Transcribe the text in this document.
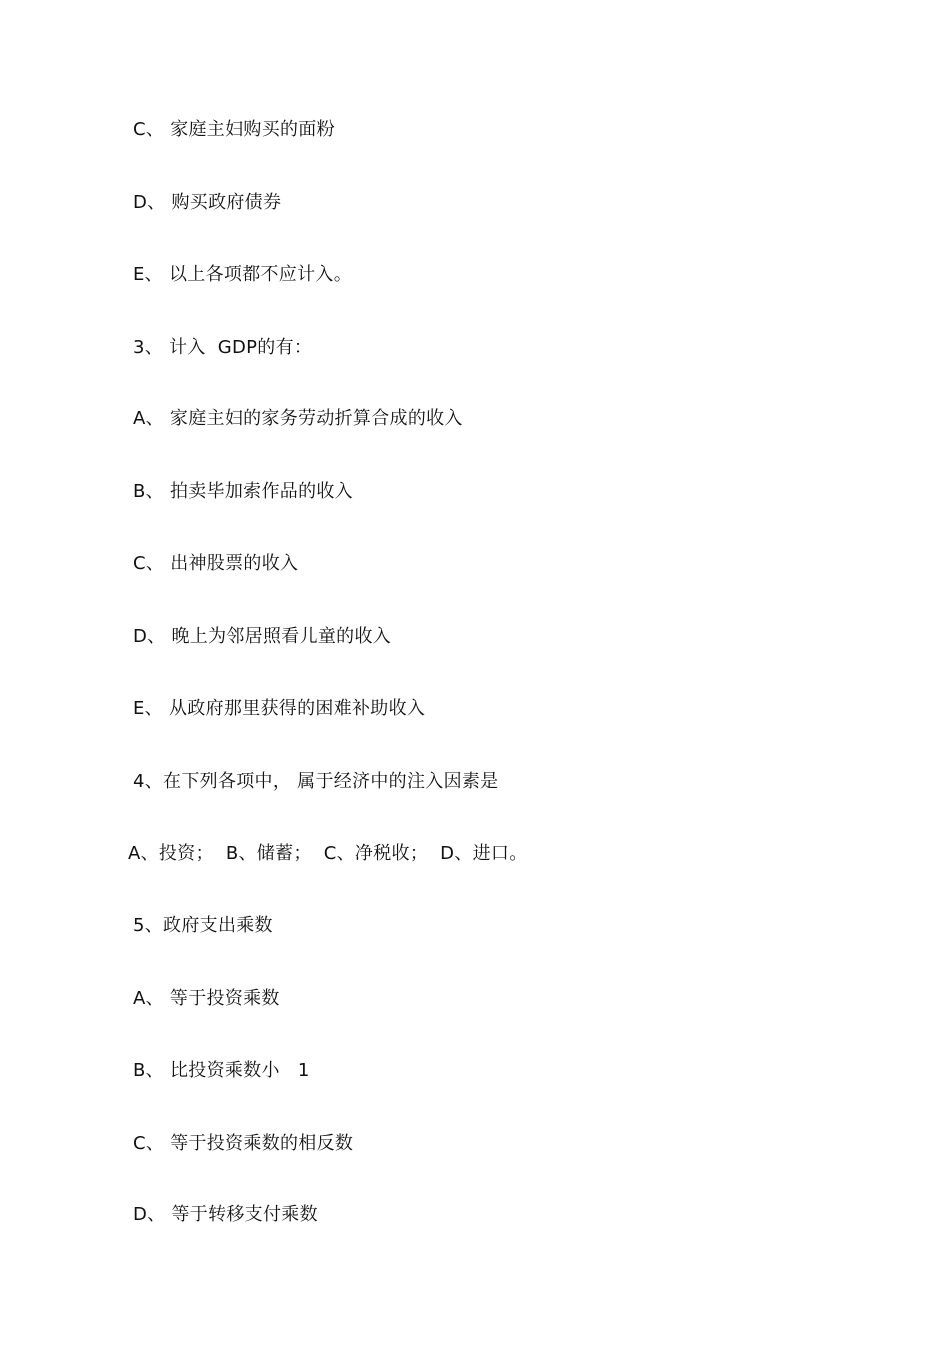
C、 家庭主妇购买的面粉
D、 购买政府债券
E、 以上各项都不应计入。
3、 计入  GDP的有：
A、 家庭主妇的家务劳动折算合成的收入
B、 拍卖毕加索作品的收入
C、 出神股票的收入
D、 晚上为邻居照看儿童的收入
E、 从政府那里获得的困难补助收入
4、在下列各项中， 属于经济中的注入因素是
A、投资；  B、储蓄；  C、净税收；  D、进口。
5、政府支出乘数
A、 等于投资乘数
B、 比投资乘数小   1
C、 等于投资乘数的相反数
D、 等于转移支付乘数
